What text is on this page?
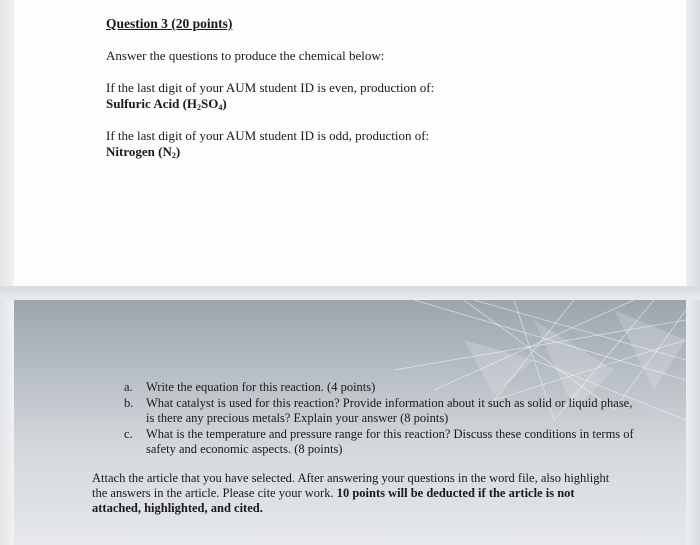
Question 3 (20 points)
Answer the questions to produce the chemical below:
If the last digit of your AUM student ID is even, production of:
Sulfuric Acid $(H_2SO_4)$
If the last digit of your AUM student ID is odd, production of:
Nitrogen $(N_2)$
a. Write the equation for this reaction. (4 points)
b. What catalyst is used for this reaction? Provide information about it such as solid or liquid phase, is there any precious metals? Explain your answer (8 points)
c. What is the temperature and pressure range for this reaction? Discuss these conditions in terms of safety and economic aspects. (8 points)
Attach the article that you have selected. After answering your questions in the word file, also highlight the answers in the article. Please cite your work. 10 points will be deducted if the article is not attached, highlighted, and cited.
